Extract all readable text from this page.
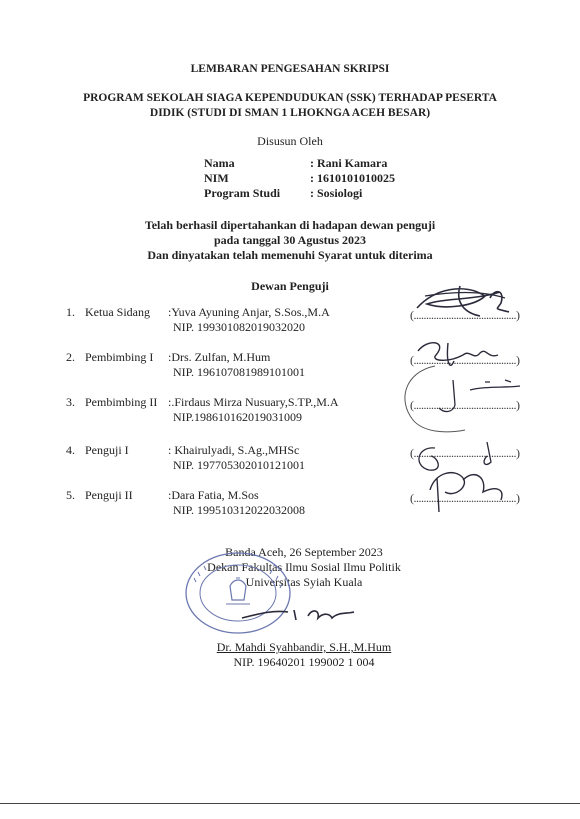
LEMBARAN PENGESAHAN SKRIPSI
PROGRAM SEKOLAH SIAGA KEPENDUDUKAN (SSK) TERHADAP PESERTA
DIDIK (STUDI DI SMAN 1 LHOKNGA ACEH BESAR)
Disusun Oleh
Nama	: Rani Kamara
NIM	: 1610101010025
Program Studi : Sosiologi
Telah berhasil dipertahankan di hadapan dewan penguji
pada tanggal 30 Agustus 2023
Dan dinyatakan telah memenuhi Syarat untuk diterima
Dewan Penguji
1. Ketua Sidang :Yuva Ayuning Anjar, S.Sos.,M.A	(.........................................)
NIP. 199301082019032020
2. Pembimbing I :Drs. Zulfan, M.Hum	(.........................................)
NIP. 196107081989101001
3. Pembimbing II :.Firdaus Mirza Nusuary,S.TP.,M.A	(.........................................)
NIP.198610162019031009
4. Penguji I	: Khairulyadi, S.Ag.,MHSc	(.........................................)
NIP. 197705302010121001
5. Penguji II	:Dara Fatia, M.Sos	(.........................................)
NIP. 199510312022032008
Banda Aceh, 26 September 2023
Dekan Fakultas Ilmu Sosial Ilmu Politik
Universitas Syiah Kuala
Dr. Mahdi Syahbandir, S.H.,M.Hum
NIP. 19640201 199002 1 004
